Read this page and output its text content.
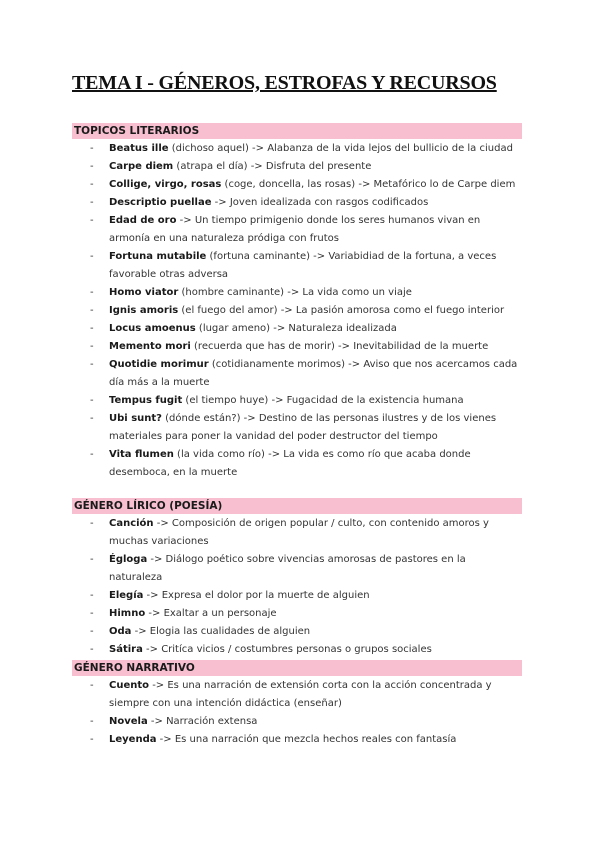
TEMA I - GÉNEROS, ESTROFAS Y RECURSOS
TOPICOS LITERARIOS
- Beatus ille (dichoso aquel) -> Alabanza de la vida lejos del bullicio de la ciudad
- Carpe diem (atrapa el día) -> Disfruta del presente
- Collige, virgo, rosas (coge, doncella, las rosas) -> Metafórico lo de Carpe diem
- Descriptio puellae -> Joven idealizada con rasgos codificados
- Edad de oro -> Un tiempo primigenio donde los seres humanos vivan en armonía en una naturaleza pródiga con frutos
- Fortuna mutabile (fortuna caminante) -> Variabidiad de la fortuna, a veces favorable otras adversa
- Homo viator (hombre caminante) -> La vida como un viaje
- Ignis amoris (el fuego del amor) -> La pasión amorosa como el fuego interior
- Locus amoenus (lugar ameno) -> Naturaleza idealizada
- Memento mori (recuerda que has de morir) -> Inevitabilidad de la muerte
- Quotidie morimur (cotidianamente morimos) -> Aviso que nos acercamos cada día más a la muerte
- Tempus fugit (el tiempo huye) -> Fugacidad de la existencia humana
- Ubi sunt? (dónde están?) -> Destino de las personas ilustres y de los vienes materiales para poner la vanidad del poder destructor del tiempo
- Vita flumen (la vida como río) -> La vida es como río que acaba donde desemboca, en la muerte
GÉNERO LÍRICO (POESÍA)
- Canción -> Composición de origen popular / culto, con contenido amoros y muchas variaciones
- Égloga -> Diálogo poético sobre vivencias amorosas de pastores en la naturaleza
- Elegía -> Expresa el dolor por la muerte de alguien
- Himno -> Exaltar a un personaje
- Oda -> Elogia las cualidades de alguien
- Sátira -> Critíca vicios / costumbres personas o grupos sociales
GÉNERO NARRATIVO
- Cuento -> Es una narración de extensión corta con la acción concentrada y siempre con una intención didáctica (enseñar)
- Novela -> Narración extensa
- Leyenda -> Es una narración que mezcla hechos reales con fantasía
